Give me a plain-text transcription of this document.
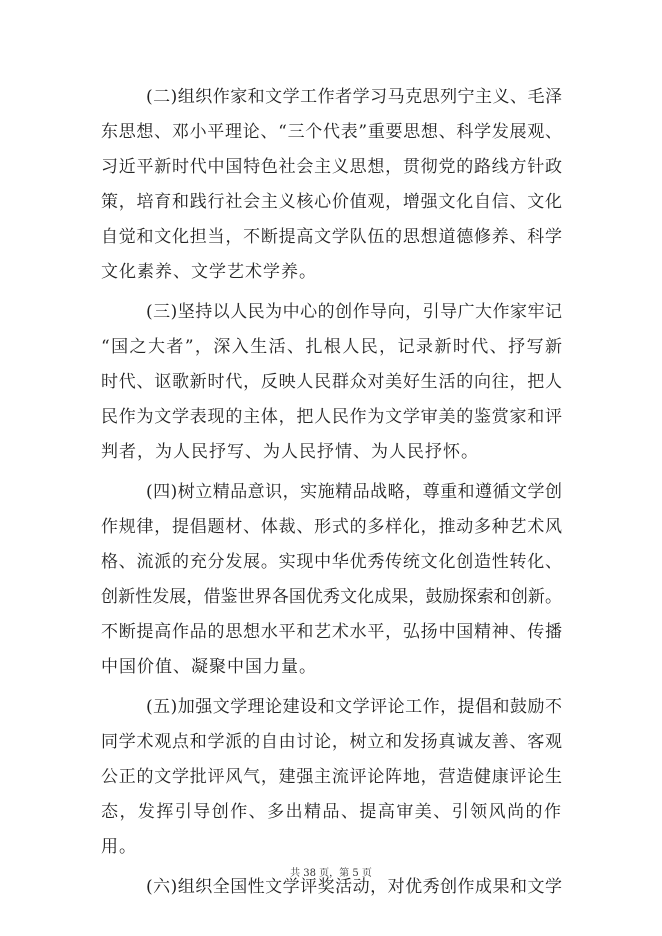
(二)组织作家和文学工作者学习马克思列宁主义、毛泽
东思想、邓小平理论、“三个代表”重要思想、科学发展观、
习近平新时代中国特色社会主义思想，贯彻党的路线方针政
策，培育和践行社会主义核心价值观，增强文化自信、文化
自觉和文化担当，不断提高文学队伍的思想道德修养、科学
文化素养、文学艺术学养。
(三)坚持以人民为中心的创作导向，引导广大作家牢记
“国之大者”，深入生活、扎根人民，记录新时代、抒写新
时代、讴歌新时代，反映人民群众对美好生活的向往，把人
民作为文学表现的主体，把人民作为文学审美的鉴赏家和评
判者，为人民抒写、为人民抒情、为人民抒怀。
(四)树立精品意识，实施精品战略，尊重和遵循文学创
作规律，提倡题材、体裁、形式的多样化，推动多种艺术风
格、流派的充分发展。实现中华优秀传统文化创造性转化、
创新性发展，借鉴世界各国优秀文化成果，鼓励探索和创新。
不断提高作品的思想水平和艺术水平，弘扬中国精神、传播
中国价值、凝聚中国力量。
(五)加强文学理论建设和文学评论工作，提倡和鼓励不
同学术观点和学派的自由讨论，树立和发扬真诚友善、客观
公正的文学批评风气，建强主流评论阵地，营造健康评论生
态，发挥引导创作、多出精品、提高审美、引领风尚的作用。
(六)组织全国性文学评奖活动，对优秀创作成果和文学
共 38 页，第 5 页
